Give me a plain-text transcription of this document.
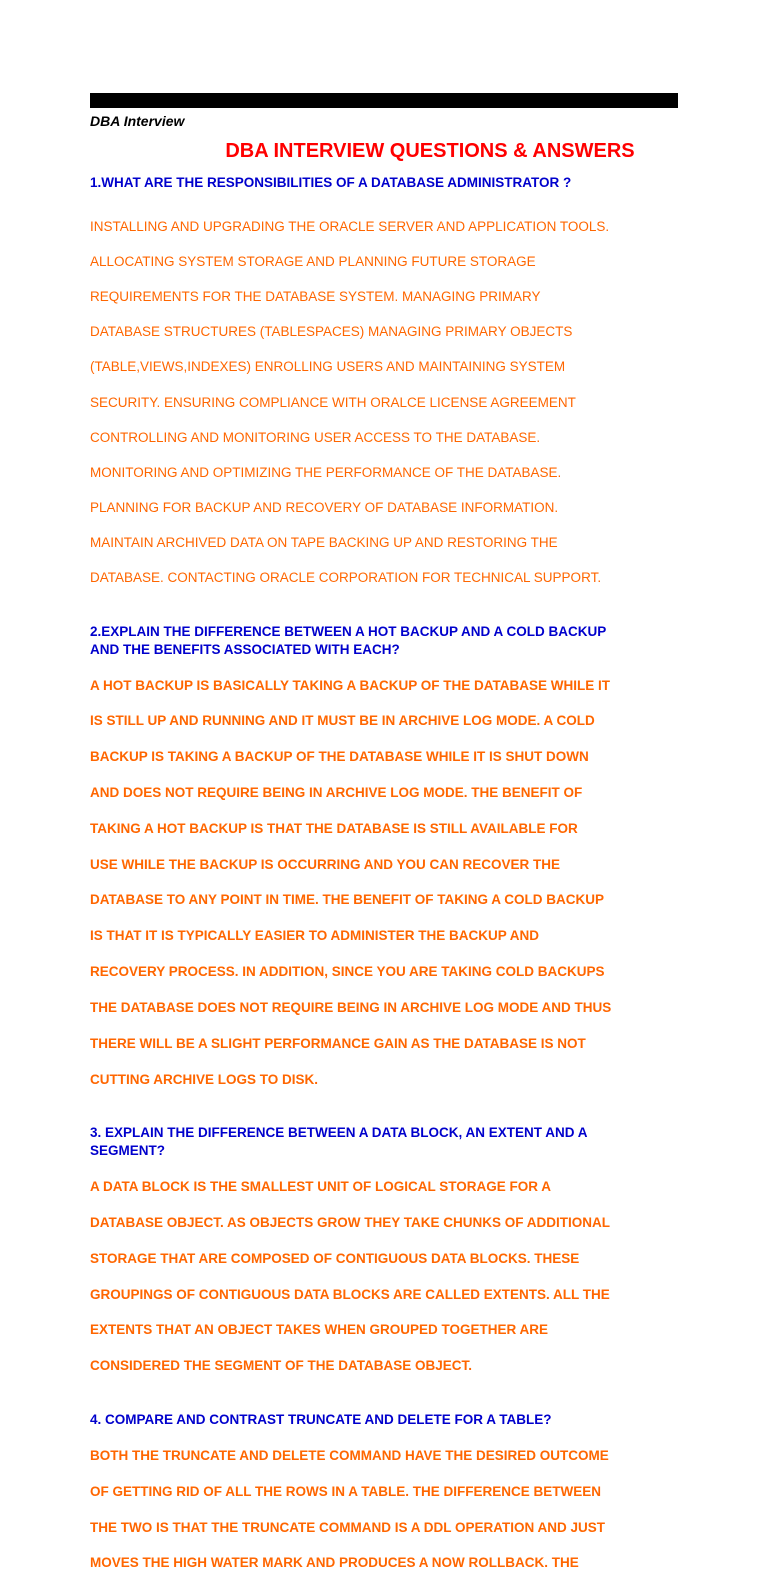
DBA Interview
DBA INTERVIEW QUESTIONS & ANSWERS
1.WHAT ARE THE RESPONSIBILITIES OF A DATABASE ADMINISTRATOR ?

INSTALLING AND UPGRADING THE ORACLE SERVER AND APPLICATION TOOLS.

ALLOCATING SYSTEM STORAGE AND PLANNING FUTURE STORAGE

REQUIREMENTS FOR THE DATABASE SYSTEM. MANAGING PRIMARY

DATABASE STRUCTURES (TABLESPACES) MANAGING PRIMARY OBJECTS

(TABLE,VIEWS,INDEXES) ENROLLING USERS AND MAINTAINING SYSTEM

SECURITY. ENSURING COMPLIANCE WITH ORALCE LICENSE AGREEMENT

CONTROLLING AND MONITORING USER ACCESS TO THE DATABASE.

MONITORING AND OPTIMIZING THE PERFORMANCE OF THE DATABASE.

PLANNING FOR BACKUP AND RECOVERY OF DATABASE INFORMATION.

MAINTAIN ARCHIVED DATA ON TAPE BACKING UP AND RESTORING THE

DATABASE. CONTACTING ORACLE CORPORATION FOR TECHNICAL SUPPORT.

2.EXPLAIN THE DIFFERENCE BETWEEN A HOT BACKUP AND A COLD BACKUP
AND THE BENEFITS ASSOCIATED WITH EACH?

A HOT BACKUP IS BASICALLY TAKING A BACKUP OF THE DATABASE WHILE IT

IS STILL UP AND RUNNING AND IT MUST BE IN ARCHIVE LOG MODE. A COLD

BACKUP IS TAKING A BACKUP OF THE DATABASE WHILE IT IS SHUT DOWN

AND DOES NOT REQUIRE BEING IN ARCHIVE LOG MODE. THE BENEFIT OF

TAKING A HOT BACKUP IS THAT THE DATABASE IS STILL AVAILABLE FOR

USE WHILE THE BACKUP IS OCCURRING AND YOU CAN RECOVER THE

DATABASE TO ANY POINT IN TIME. THE BENEFIT OF TAKING A COLD BACKUP

IS THAT IT IS TYPICALLY EASIER TO ADMINISTER THE BACKUP AND

RECOVERY PROCESS. IN ADDITION, SINCE YOU ARE TAKING COLD BACKUPS

THE DATABASE DOES NOT REQUIRE BEING IN ARCHIVE LOG MODE AND THUS

THERE WILL BE A SLIGHT PERFORMANCE GAIN AS THE DATABASE IS NOT

CUTTING ARCHIVE LOGS TO DISK.

3. EXPLAIN THE DIFFERENCE BETWEEN A DATA BLOCK, AN EXTENT AND A
SEGMENT?

A DATA BLOCK IS THE SMALLEST UNIT OF LOGICAL STORAGE FOR A

DATABASE OBJECT. AS OBJECTS GROW THEY TAKE CHUNKS OF ADDITIONAL

STORAGE THAT ARE COMPOSED OF CONTIGUOUS DATA BLOCKS. THESE

GROUPINGS OF CONTIGUOUS DATA BLOCKS ARE CALLED EXTENTS. ALL THE

EXTENTS THAT AN OBJECT TAKES WHEN GROUPED TOGETHER ARE

CONSIDERED THE SEGMENT OF THE DATABASE OBJECT.

4. COMPARE AND CONTRAST TRUNCATE AND DELETE FOR A TABLE?

BOTH THE TRUNCATE AND DELETE COMMAND HAVE THE DESIRED OUTCOME

OF GETTING RID OF ALL THE ROWS IN A TABLE. THE DIFFERENCE BETWEEN

THE TWO IS THAT THE TRUNCATE COMMAND IS A DDL OPERATION AND JUST

MOVES THE HIGH WATER MARK AND PRODUCES A NOW ROLLBACK. THE
